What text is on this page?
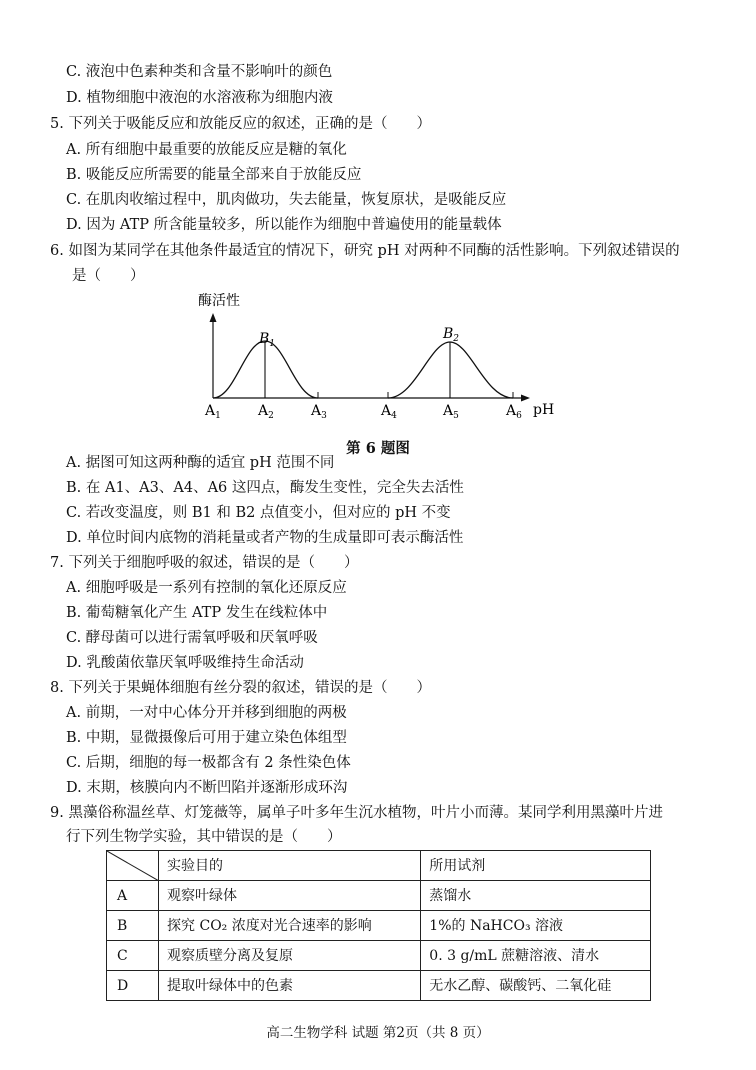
C. 液泡中色素种类和含量不影响叶的颜色
D. 植物细胞中液泡的水溶液称为细胞内液
5. 下列关于吸能反应和放能反应的叙述，正确的是（　　）
A. 所有细胞中最重要的放能反应是糖的氧化
B. 吸能反应所需要的能量全部来自于放能反应
C. 在肌肉收缩过程中，肌肉做功，失去能量，恢复原状，是吸能反应
D. 因为 ATP 所含能量较多，所以能作为细胞中普遍使用的能量载体
6. 如图为某同学在其他条件最适宜的情况下，研究 pH 对两种不同酶的活性影响。下列叙述错误的
是（　　）
酶活性
pH
$B_1$
$B_2$
$A_1$	$A_2$	$A_3$	$A_4$	$A_5$	$A_6$
第 6 题图
A. 据图可知这两种酶的适宜 pH 范围不同
B. 在 A1、A3、A4、A6 这四点，酶发生变性，完全失去活性
C. 若改变温度，则 B1 和 B2 点值变小，但对应的 pH 不变
D. 单位时间内底物的消耗量或者产物的生成量即可表示酶活性
7. 下列关于细胞呼吸的叙述，错误的是（　　）
A. 细胞呼吸是一系列有控制的氧化还原反应
B. 葡萄糖氧化产生 ATP 发生在线粒体中
C. 酵母菌可以进行需氧呼吸和厌氧呼吸
D. 乳酸菌依靠厌氧呼吸维持生命活动
8. 下列关于果蝇体细胞有丝分裂的叙述，错误的是（　　）
A. 前期，一对中心体分开并移到细胞的两极
B. 中期，显微摄像后可用于建立染色体组型
C. 后期，细胞的每一极都含有 2 条性染色体
D. 末期，核膜向内不断凹陷并逐渐形成环沟
9. 黑藻俗称温丝草、灯笼薇等，属单子叶多年生沉水植物，叶片小而薄。某同学利用黑藻叶片进
行下列生物学实验，其中错误的是（　　）
	实验目的	所用试剂
A	观察叶绿体	蒸馏水
B	探究 CO₂ 浓度对光合速率的影响	1%的 NaHCO₃ 溶液
C	观察质壁分离及复原	0. 3 g/mL 蔗糖溶液、清水
D	提取叶绿体中的色素	无水乙醇、碳酸钙、二氧化硅
高二生物学科 试题 第2页（共 8 页）
